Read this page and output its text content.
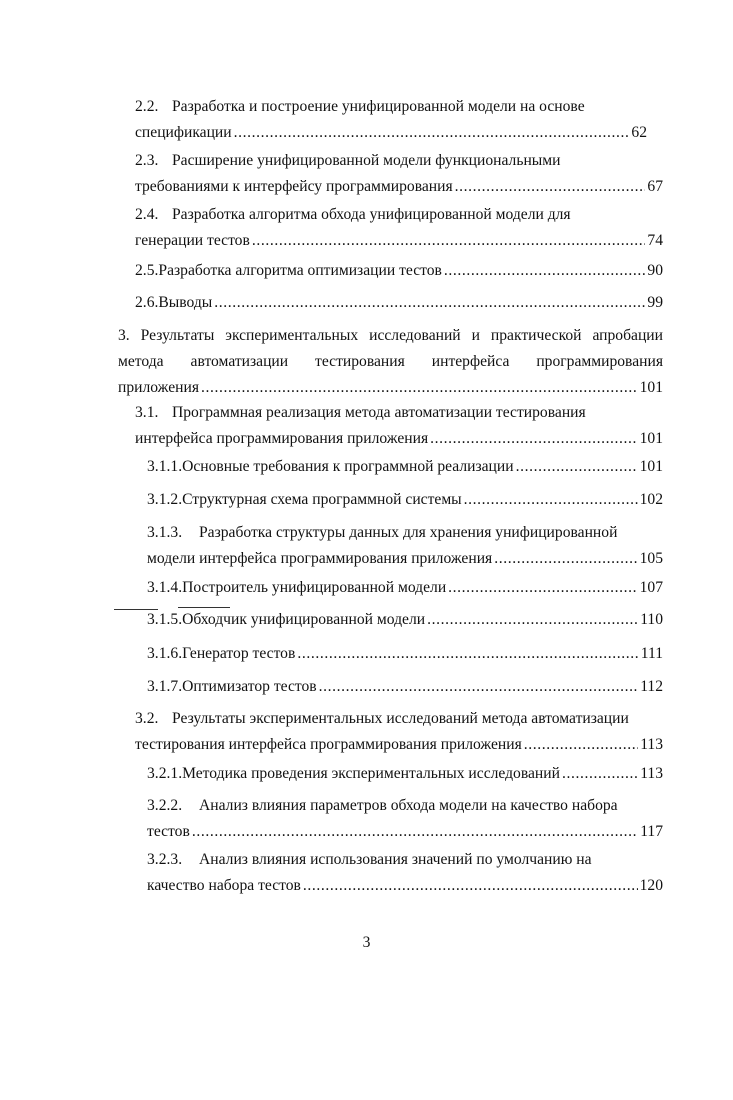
2.2. Разработка и построение унифицированной модели на основе
спецификации .....	62
2.3. Расширение унифицированной модели функциональными
требованиями к интерфейсу программирования .....	67
2.4. Разработка алгоритма обхода унифицированной модели для
генерации тестов .....	74
2.5. Разработка алгоритма оптимизации тестов .....	90
2.6. Выводы .....	99
3. Результаты экспериментальных исследований и практической апробации
метода автоматизации тестирования интерфейса программирования
приложения .....	101
3.1. Программная реализация метода автоматизации тестирования
интерфейса программирования приложения .....	101
3.1.1. Основные требования к программной реализации .....	101
3.1.2. Структурная схема программной системы .....	102
3.1.3.	Разработка структуры данных для хранения унифицированной
модели интерфейса программирования приложения .....	105
3.1.4. Построитель унифицированной модели .....	107
3.1.5. Обходчик унифицированной модели .....	110
3.1.6. Генератор тестов .....	111
3.1.7. Оптимизатор тестов .....	112
3.2. Результаты экспериментальных исследований метода автоматизации
тестирования интерфейса программирования приложения .....	113
3.2.1. Методика проведения экспериментальных исследований .....	113
3.2.2.	Анализ влияния параметров обхода модели на качество набора
тестов .....	117
3.2.3.	Анализ влияния использования значений по умолчанию на
качество набора тестов .....	120
3
